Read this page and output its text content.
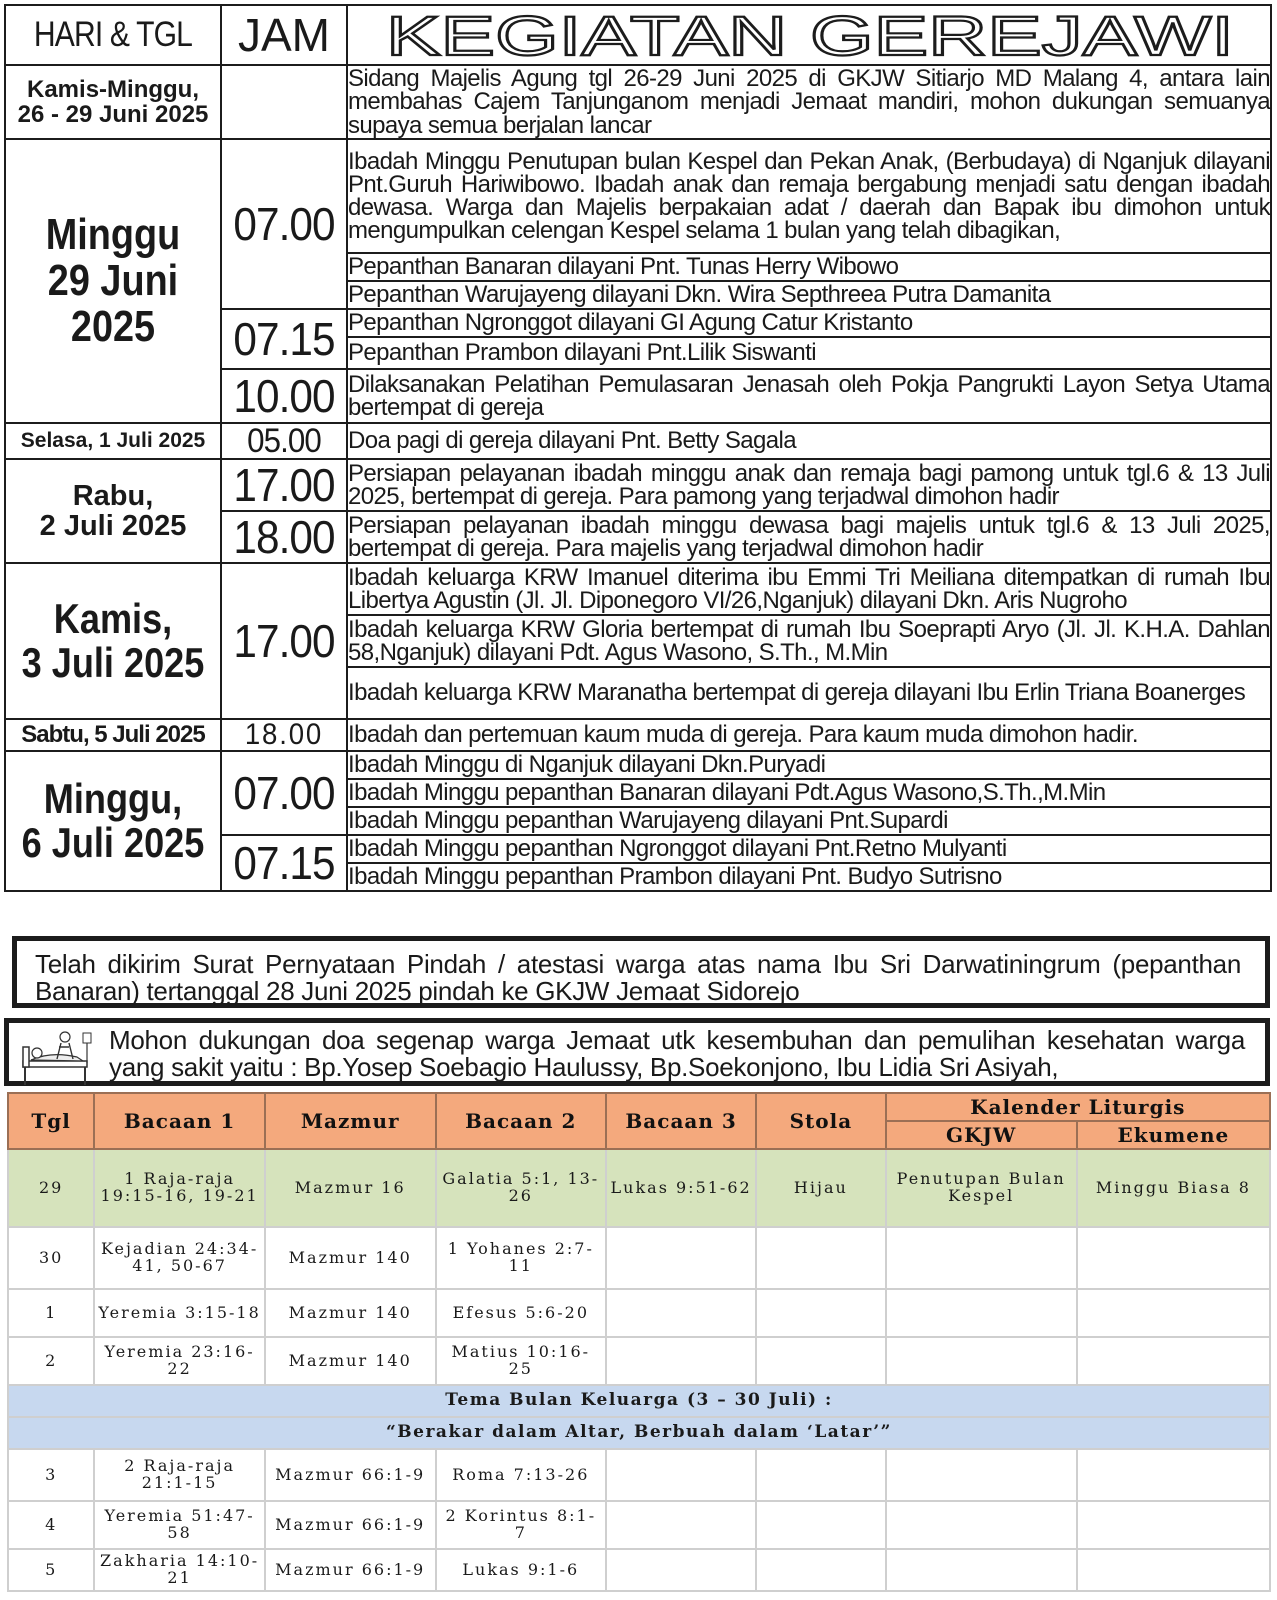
HARI & TGL	JAM	KEGIATAN GEREJAWI

Kamis-Minggu,
26 - 29 Juni 2025		Sidang Majelis Agung tgl 26-29 Juni 2025 di GKJW Sitiarjo MD Malang 4, antara lain membahas Cajem Tanjunganom menjadi Jemaat mandiri, mohon dukungan semuanya supaya semua berjalan lancar

Minggu
29 Juni 2025	07.00	Ibadah Minggu Penutupan bulan Kespel dan Pekan Anak, (Berbudaya) di Nganjuk dilayani Pnt.Guruh Hariwibowo. Ibadah anak dan remaja bergabung menjadi satu dengan ibadah dewasa. Warga dan Majelis berpakaian adat / daerah dan Bapak ibu dimohon untuk mengumpulkan celengan Kespel selama 1 bulan yang telah dibagikan,
		Pepanthan Banaran dilayani Pnt. Tunas Herry Wibowo
		Pepanthan Warujayeng dilayani Dkn. Wira Septhreea Putra Damanita
	07.15	Pepanthan Ngronggot dilayani GI Agung Catur Kristanto
		Pepanthan Prambon dilayani Pnt.Lilik Siswanti
	10.00	Dilaksanakan Pelatihan Pemulasaran Jenasah oleh Pokja Pangrukti Layon Setya Utama bertempat di gereja
Selasa, 1 Juli 2025	05.00	Doa pagi di gereja dilayani Pnt. Betty Sagala

Rabu,
2 Juli 2025	17.00	Persiapan pelayanan ibadah minggu anak dan remaja bagi pamong untuk tgl.6 & 13 Juli 2025, bertempat di gereja. Para pamong yang terjadwal dimohon hadir
	18.00	Persiapan pelayanan ibadah minggu dewasa bagi majelis untuk tgl.6 & 13 Juli 2025, bertempat di gereja. Para majelis yang terjadwal dimohon hadir

Kamis,
3 Juli 2025	17.00	Ibadah keluarga KRW Imanuel diterima ibu Emmi Tri Meiliana ditempatkan di rumah Ibu Libertya Agustin (Jl. Jl. Diponegoro VI/26,Nganjuk) dilayani Dkn. Aris Nugroho
		Ibadah keluarga KRW Gloria bertempat di rumah Ibu Soeprapti Aryo (Jl. Jl. K.H.A. Dahlan 58,Nganjuk) dilayani Pdt. Agus Wasono, S.Th., M.Min
		Ibadah keluarga KRW Maranatha bertempat di gereja dilayani Ibu Erlin Triana Boanerges
Sabtu, 5 Juli 2025	18.00	Ibadah dan pertemuan kaum muda di gereja. Para kaum muda dimohon hadir.

Minggu,
6 Juli 2025	07.00	Ibadah Minggu di Nganjuk dilayani Dkn.Puryadi
		Ibadah Minggu pepanthan Banaran dilayani Pdt.Agus Wasono,S.Th.,M.Min
		Ibadah Minggu pepanthan Warujayeng dilayani Pnt.Supardi
	07.15	Ibadah Minggu pepanthan Ngronggot dilayani Pnt.Retno Mulyanti
		Ibadah Minggu pepanthan Prambon dilayani Pnt. Budyo Sutrisno
Telah dikirim Surat Pernyataan Pindah / atestasi warga atas nama Ibu Sri Darwatiningrum (pepanthan Banaran) tertanggal 28 Juni 2025 pindah ke GKJW Jemaat Sidorejo
Mohon dukungan doa segenap warga Jemaat utk kesembuhan dan pemulihan kesehatan warga yang sakit yaitu : Bp.Yosep Soebagio Haulussy, Bp.Soekonjono, Ibu Lidia Sri Asiyah,
Tgl	Bacaan 1	Mazmur	Bacaan 2	Bacaan 3	Stola	Kalender Liturgis	
						GKJW	Ekumene
29	1 Raja-raja 19:15-16, 19-21	Mazmur 16	Galatia 5:1, 13-26	Lukas 9:51-62	Hijau	Penutupan Bulan Kespel	Minggu Biasa 8
30	Kejadian 24:34-41, 50-67	Mazmur 140	1 Yohanes 2:7-11				
1	Yeremia 3:15-18	Mazmur 140	Efesus 5:6-20				
2	Yeremia 23:16-22	Mazmur 140	Matius 10:16-25				
Tema Bulan Keluarga (3 – 30 Juli) :							
“Berakar dalam Altar, Berbuah dalam ‘Latar’”							
3	2 Raja-raja 21:1-15	Mazmur 66:1-9	Roma 7:13-26				
4	Yeremia 51:47-58	Mazmur 66:1-9	2 Korintus 8:1-7				
5	Zakharia 14:10-21	Mazmur 66:1-9	Lukas 9:1-6				
